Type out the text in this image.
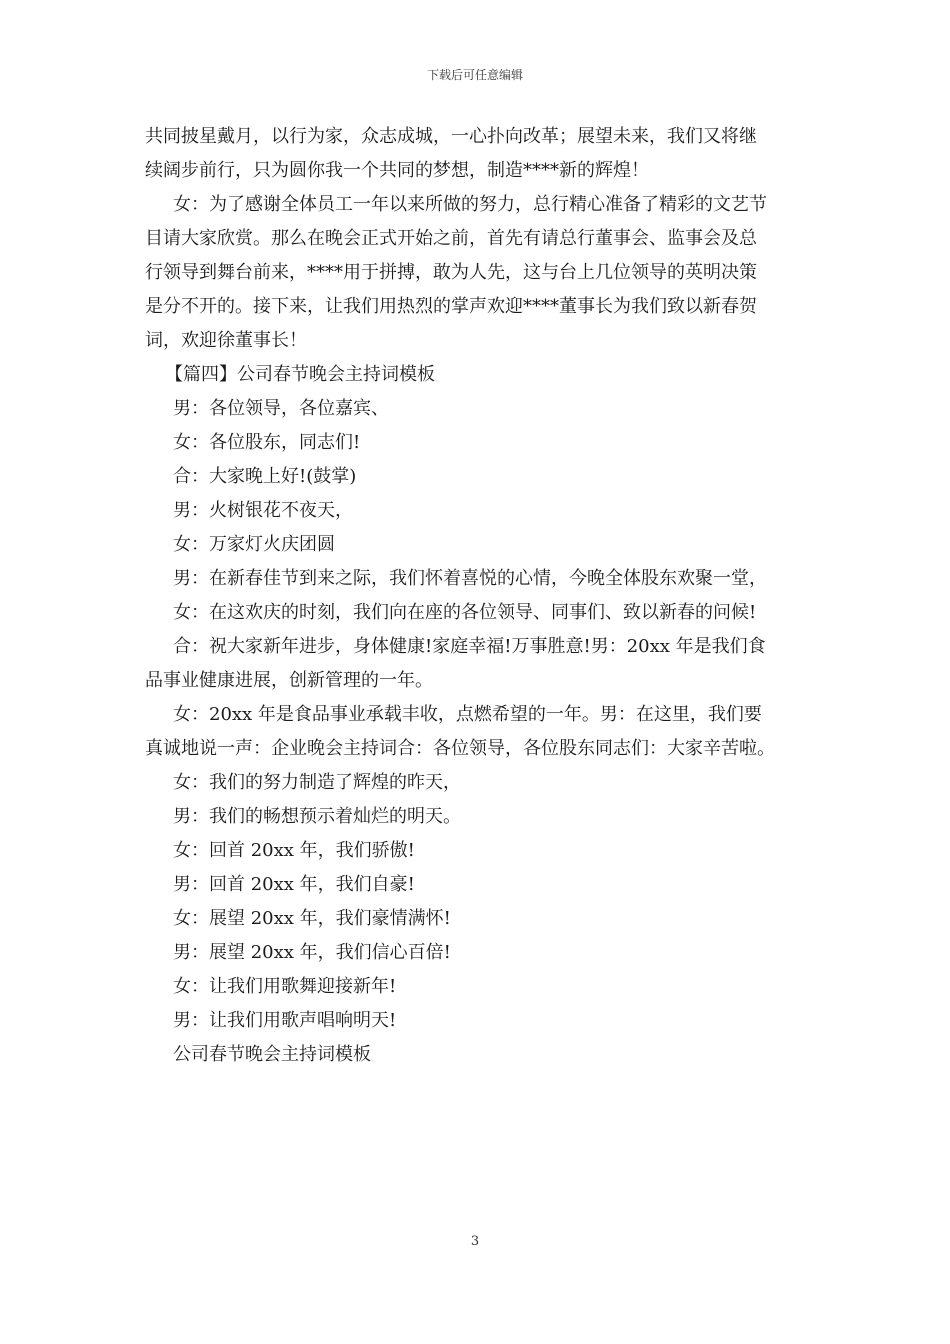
下载后可任意编辑
共同披星戴月，以行为家，众志成城，一心扑向改革；展望未来，我们又将继
续阔步前行，只为圆你我一个共同的梦想，制造****新的辉煌！
女：为了感谢全体员工一年以来所做的努力，总行精心准备了精彩的文艺节
目请大家欣赏。那么在晚会正式开始之前，首先有请总行董事会、监事会及总
行领导到舞台前来，****用于拼搏，敢为人先，这与台上几位领导的英明决策
是分不开的。接下来，让我们用热烈的掌声欢迎****董事长为我们致以新春贺
词，欢迎徐董事长！
【篇四】公司春节晚会主持词模板
男：各位领导，各位嘉宾、
女：各位股东，同志们!
合：大家晚上好!(鼓掌)
男：火树银花不夜天，
女：万家灯火庆团圆
男：在新春佳节到来之际，我们怀着喜悦的心情，今晚全体股东欢聚一堂，
女：在这欢庆的时刻，我们向在座的各位领导、同事们、致以新春的问候!
合：祝大家新年进步，身体健康!家庭幸福!万事胜意!男：20xx 年是我们食
品事业健康进展，创新管理的一年。
女：20xx 年是食品事业承载丰收，点燃希望的一年。男：在这里，我们要
真诚地说一声：企业晚会主持词合：各位领导，各位股东同志们：大家辛苦啦。
女：我们的努力制造了辉煌的昨天，
男：我们的畅想预示着灿烂的明天。
女：回首 20xx 年，我们骄傲!
男：回首 20xx 年，我们自豪!
女：展望 20xx 年，我们豪情满怀!
男：展望 20xx 年，我们信心百倍!
女：让我们用歌舞迎接新年!
男：让我们用歌声唱响明天!
公司春节晚会主持词模板
3
